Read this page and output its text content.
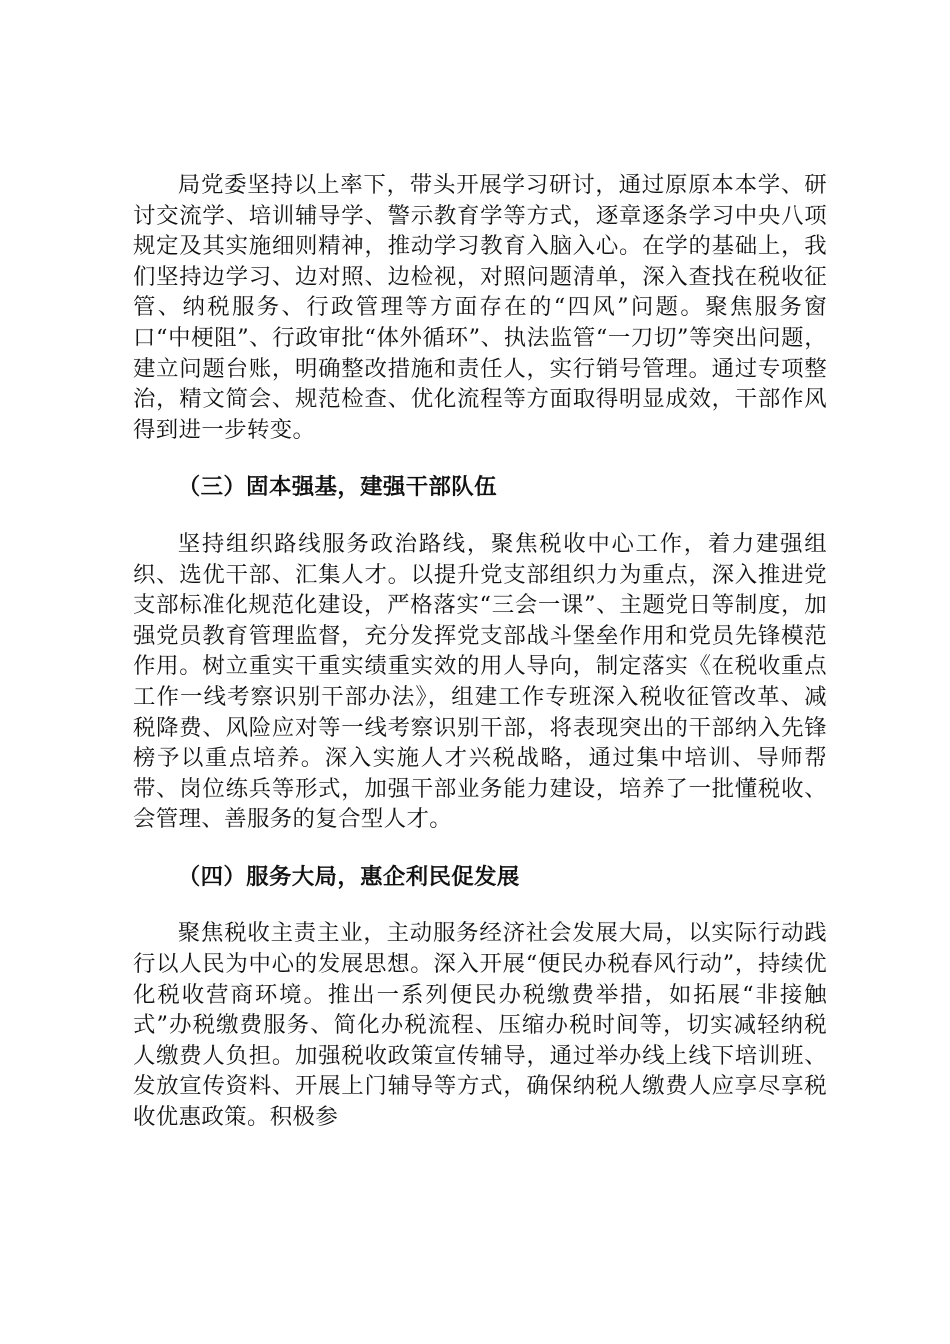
局党委坚持以上率下，带头开展学习研讨，通过原原本本学、研讨交流学、培训辅导学、警示教育学等方式，逐章逐条学习中央八项规定及其实施细则精神，推动学习教育入脑入心。在学的基础上，我们坚持边学习、边对照、边检视，对照问题清单，深入查找在税收征管、纳税服务、行政管理等方面存在的“四风”问题。聚焦服务窗口“中梗阻”、行政审批“体外循环”、执法监管“一刀切”等突出问题，建立问题台账，明确整改措施和责任人，实行销号管理。通过专项整治，精文简会、规范检查、优化流程等方面取得明显成效，干部作风得到进一步转变。

（三）固本强基，建强干部队伍

坚持组织路线服务政治路线，聚焦税收中心工作，着力建强组织、选优干部、汇集人才。以提升党支部组织力为重点，深入推进党支部标准化规范化建设，严格落实“三会一课”、主题党日等制度，加强党员教育管理监督，充分发挥党支部战斗堡垒作用和党员先锋模范作用。树立重实干重实绩重实效的用人导向，制定落实《在税收重点工作一线考察识别干部办法》，组建工作专班深入税收征管改革、减税降费、风险应对等一线考察识别干部，将表现突出的干部纳入先锋榜予以重点培养。深入实施人才兴税战略，通过集中培训、导师帮带、岗位练兵等形式，加强干部业务能力建设，培养了一批懂税收、会管理、善服务的复合型人才。

（四）服务大局，惠企利民促发展

聚焦税收主责主业，主动服务经济社会发展大局，以实际行动践行以人民为中心的发展思想。深入开展“便民办税春风行动”，持续优化税收营商环境。推出一系列便民办税缴费举措，如拓展“非接触式”办税缴费服务、简化办税流程、压缩办税时间等，切实减轻纳税人缴费人负担。加强税收政策宣传辅导，通过举办线上线下培训班、发放宣传资料、开展上门辅导等方式，确保纳税人缴费人应享尽享税收优惠政策。积极参
